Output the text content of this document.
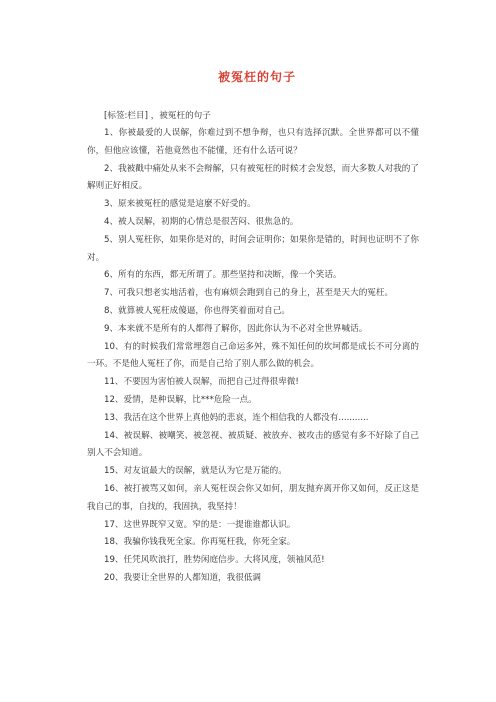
被冤枉的句子

[标签:栏目] ，被冤枉的句子

1、你被最爱的人误解，你难过到不想争辩，也只有选择沉默。全世界都可以不懂你，但他应该懂，若他竟然也不能懂，还有什么话可说？

2、我被戳中痛处从来不会辩解，只有被冤枉的时候才会发怒，而大多数人对我的了解则正好相反。

3、原来被冤枉的感觉是這麼不好受的。

4、被人误解，初期的心情总是很苦闷、很焦急的。

5、别人冤枉你，如果你是对的，时间会证明你；如果你是错的，时间也证明不了你对。

6、所有的东西，都无所谓了。那些坚持和决断，像一个笑话。

7、可我只想老实地活着，也有麻烦会跑到自己的身上，甚至是天大的冤枉。

8、就算被人冤枉成傻逼，你也得笑着面对自己。

9、本来就不是所有的人都得了解你，因此你认为不必对全世界喊话。

10、有的时候我们常常埋怨自己命运多舛，殊不知任何的坎坷都是成长不可分离的一环。不是他人冤枉了你，而是自己给了别人那么做的机会。

11、不要因为害怕被人误解，而把自己过得很卑微!

12、爱情，是种误解，比***危险一点。

13、我活在这个世界上真他妈的悲哀，连个相信我的人都没有...........

14、被误解、被嘲笑、被忽视、被质疑、被放弃、被攻击的感觉有多不好除了自己别人不会知道。

15、对友谊最大的误解，就是认为它是万能的。

16、被打被骂又如何，亲人冤枉误会你又如何，朋友抛弃离开你又如何，反正这是我自己的事，自找的，我固执，我坚持！

17、这世界既窄又宽。窄的是：一提谁谁都认识。

18、我骗你钱我死全家。你再冤枉我，你死全家。

19、任凭风吹浪打，胜势闲庭信步。大将风度，领袖风范!

20、我要让全世界的人都知道，我很低调
